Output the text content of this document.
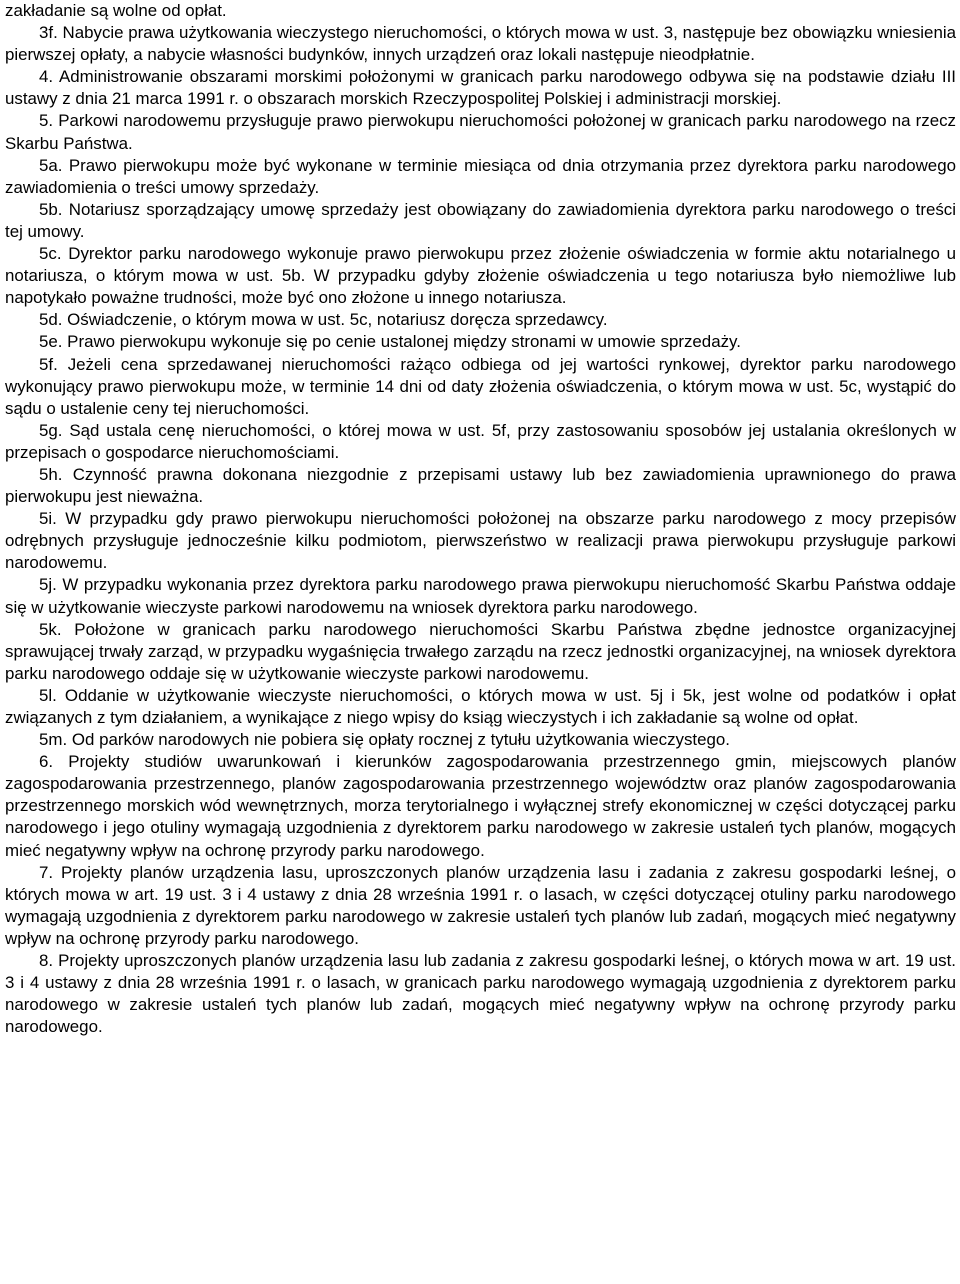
zakładanie są wolne od opłat.

3f. Nabycie prawa użytkowania wieczystego nieruchomości, o których mowa w ust. 3, następuje bez obowiązku wniesienia pierwszej opłaty, a nabycie własności budynków, innych urządzeń oraz lokali następuje nieodpłatnie.

4. Administrowanie obszarami morskimi położonymi w granicach parku narodowego odbywa się na podstawie działu III ustawy z dnia 21 marca 1991 r. o obszarach morskich Rzeczypospolitej Polskiej i administracji morskiej.

5. Parkowi narodowemu przysługuje prawo pierwokupu nieruchomości położonej w granicach parku narodowego na rzecz Skarbu Państwa.

5a. Prawo pierwokupu może być wykonane w terminie miesiąca od dnia otrzymania przez dyrektora parku narodowego zawiadomienia o treści umowy sprzedaży.

5b. Notariusz sporządzający umowę sprzedaży jest obowiązany do zawiadomienia dyrektora parku narodowego o treści tej umowy.

5c. Dyrektor parku narodowego wykonuje prawo pierwokupu przez złożenie oświadczenia w formie aktu notarialnego u notariusza, o którym mowa w ust. 5b. W przypadku gdyby złożenie oświadczenia u tego notariusza było niemożliwe lub napotykało poważne trudności, może być ono złożone u innego notariusza.

5d. Oświadczenie, o którym mowa w ust. 5c, notariusz doręcza sprzedawcy.

5e. Prawo pierwokupu wykonuje się po cenie ustalonej między stronami w umowie sprzedaży.

5f. Jeżeli cena sprzedawanej nieruchomości rażąco odbiega od jej wartości rynkowej, dyrektor parku narodowego wykonujący prawo pierwokupu może, w terminie 14 dni od daty złożenia oświadczenia, o którym mowa w ust. 5c, wystąpić do sądu o ustalenie ceny tej nieruchomości.

5g. Sąd ustala cenę nieruchomości, o której mowa w ust. 5f, przy zastosowaniu sposobów jej ustalania określonych w przepisach o gospodarce nieruchomościami.

5h. Czynność prawna dokonana niezgodnie z przepisami ustawy lub bez zawiadomienia uprawnionego do prawa pierwokupu jest nieważna.

5i. W przypadku gdy prawo pierwokupu nieruchomości położonej na obszarze parku narodowego z mocy przepisów odrębnych przysługuje jednocześnie kilku podmiotom, pierwszeństwo w realizacji prawa pierwokupu przysługuje parkowi narodowemu.

5j. W przypadku wykonania przez dyrektora parku narodowego prawa pierwokupu nieruchomość Skarbu Państwa oddaje się w użytkowanie wieczyste parkowi narodowemu na wniosek dyrektora parku narodowego.

5k. Położone w granicach parku narodowego nieruchomości Skarbu Państwa zbędne jednostce organizacyjnej sprawującej trwały zarząd, w przypadku wygaśnięcia trwałego zarządu na rzecz jednostki organizacyjnej, na wniosek dyrektora parku narodowego oddaje się w użytkowanie wieczyste parkowi narodowemu.

5l. Oddanie w użytkowanie wieczyste nieruchomości, o których mowa w ust. 5j i 5k, jest wolne od podatków i opłat związanych z tym działaniem, a wynikające z niego wpisy do ksiąg wieczystych i ich zakładanie są wolne od opłat.

5m. Od parków narodowych nie pobiera się opłaty rocznej z tytułu użytkowania wieczystego.

6. Projekty studiów uwarunkowań i kierunków zagospodarowania przestrzennego gmin, miejscowych planów zagospodarowania przestrzennego, planów zagospodarowania przestrzennego województw oraz planów zagospodarowania przestrzennego morskich wód wewnętrznych, morza terytorialnego i wyłącznej strefy ekonomicznej w części dotyczącej parku narodowego i jego otuliny wymagają uzgodnienia z dyrektorem parku narodowego w zakresie ustaleń tych planów, mogących mieć negatywny wpływ na ochronę przyrody parku narodowego.

7. Projekty planów urządzenia lasu, uproszczonych planów urządzenia lasu i zadania z zakresu gospodarki leśnej, o których mowa w art. 19 ust. 3 i 4 ustawy z dnia 28 września 1991 r. o lasach, w części dotyczącej otuliny parku narodowego wymagają uzgodnienia z dyrektorem parku narodowego w zakresie ustaleń tych planów lub zadań, mogących mieć negatywny wpływ na ochronę przyrody parku narodowego.

8. Projekty uproszczonych planów urządzenia lasu lub zadania z zakresu gospodarki leśnej, o których mowa w art. 19 ust. 3 i 4 ustawy z dnia 28 września 1991 r. o lasach, w granicach parku narodowego wymagają uzgodnienia z dyrektorem parku narodowego w zakresie ustaleń tych planów lub zadań, mogących mieć negatywny wpływ na ochronę przyrody parku narodowego.
